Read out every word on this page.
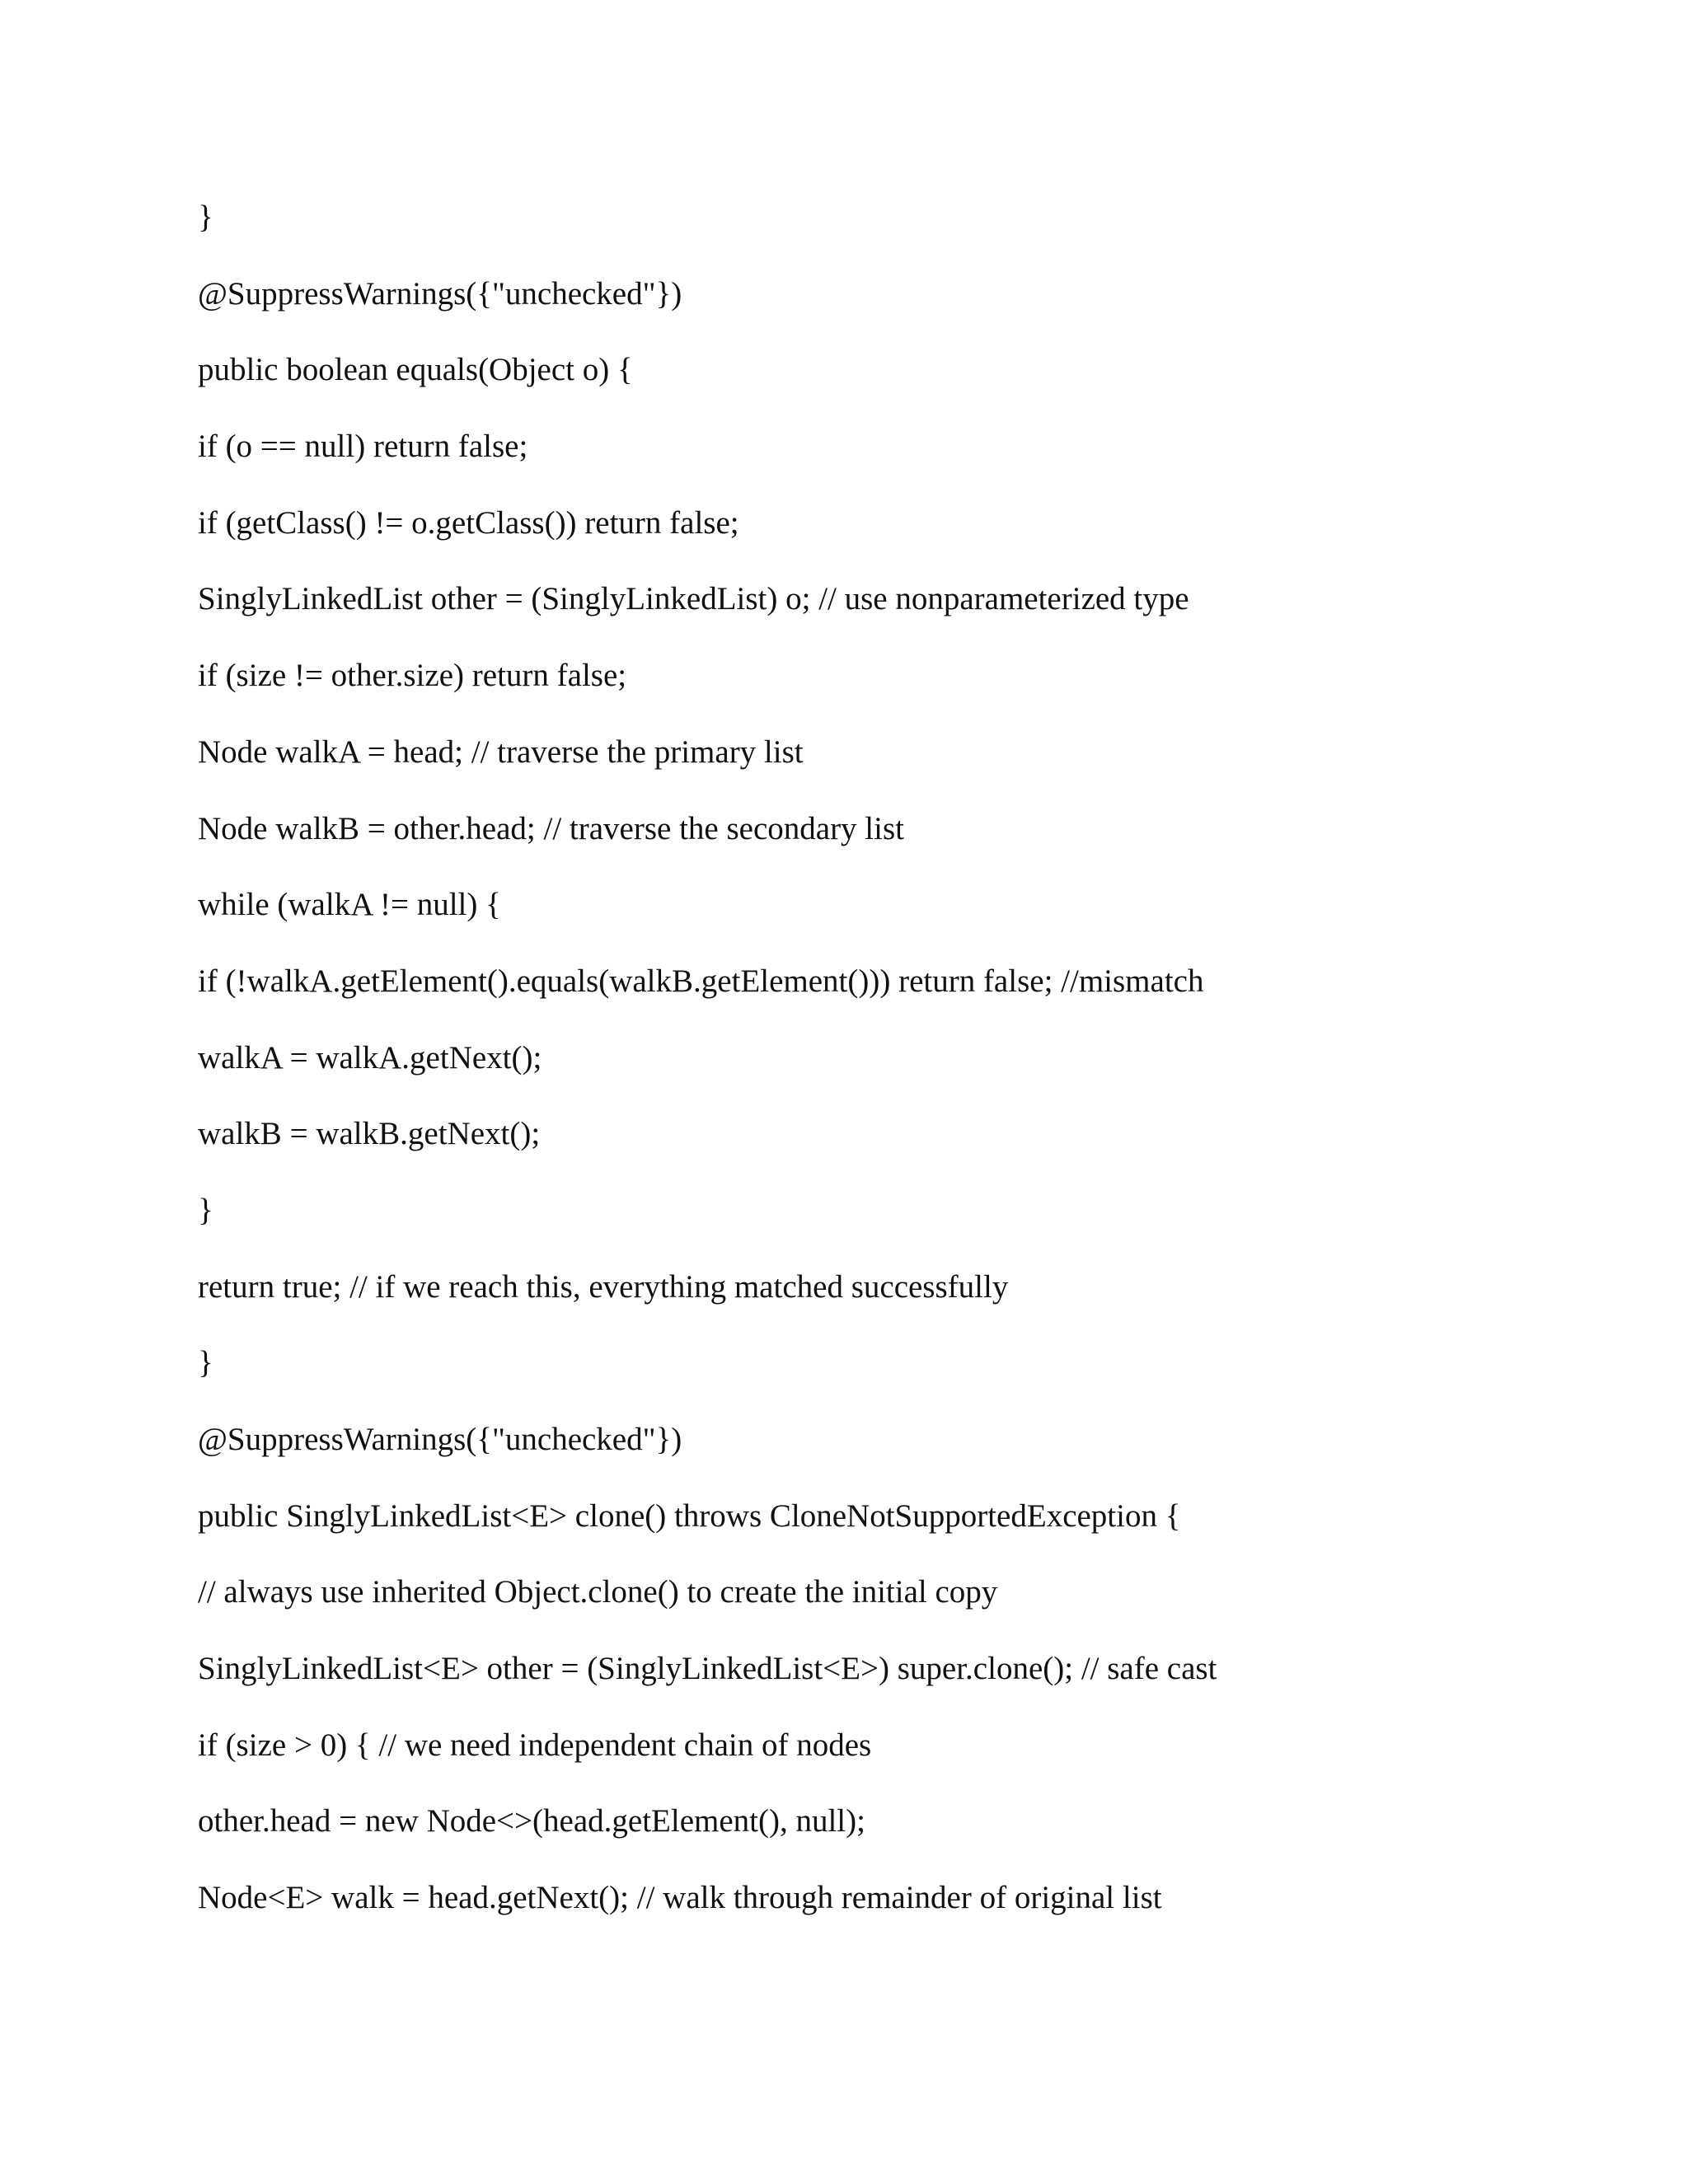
}
@SuppressWarnings({"unchecked"})
public boolean equals(Object o) {
if (o == null) return false;
if (getClass() != o.getClass()) return false;
SinglyLinkedList other = (SinglyLinkedList) o; // use nonparameterized type
if (size != other.size) return false;
Node walkA = head; // traverse the primary list
Node walkB = other.head; // traverse the secondary list
while (walkA != null) {
if (!walkA.getElement().equals(walkB.getElement())) return false; //mismatch
walkA = walkA.getNext();
walkB = walkB.getNext();
}
return true; // if we reach this, everything matched successfully
}
@SuppressWarnings({"unchecked"})
public SinglyLinkedList<E> clone() throws CloneNotSupportedException {
// always use inherited Object.clone() to create the initial copy
SinglyLinkedList<E> other = (SinglyLinkedList<E>) super.clone(); // safe cast
if (size > 0) { // we need independent chain of nodes
other.head = new Node<>(head.getElement(), null);
Node<E> walk = head.getNext(); // walk through remainder of original list
